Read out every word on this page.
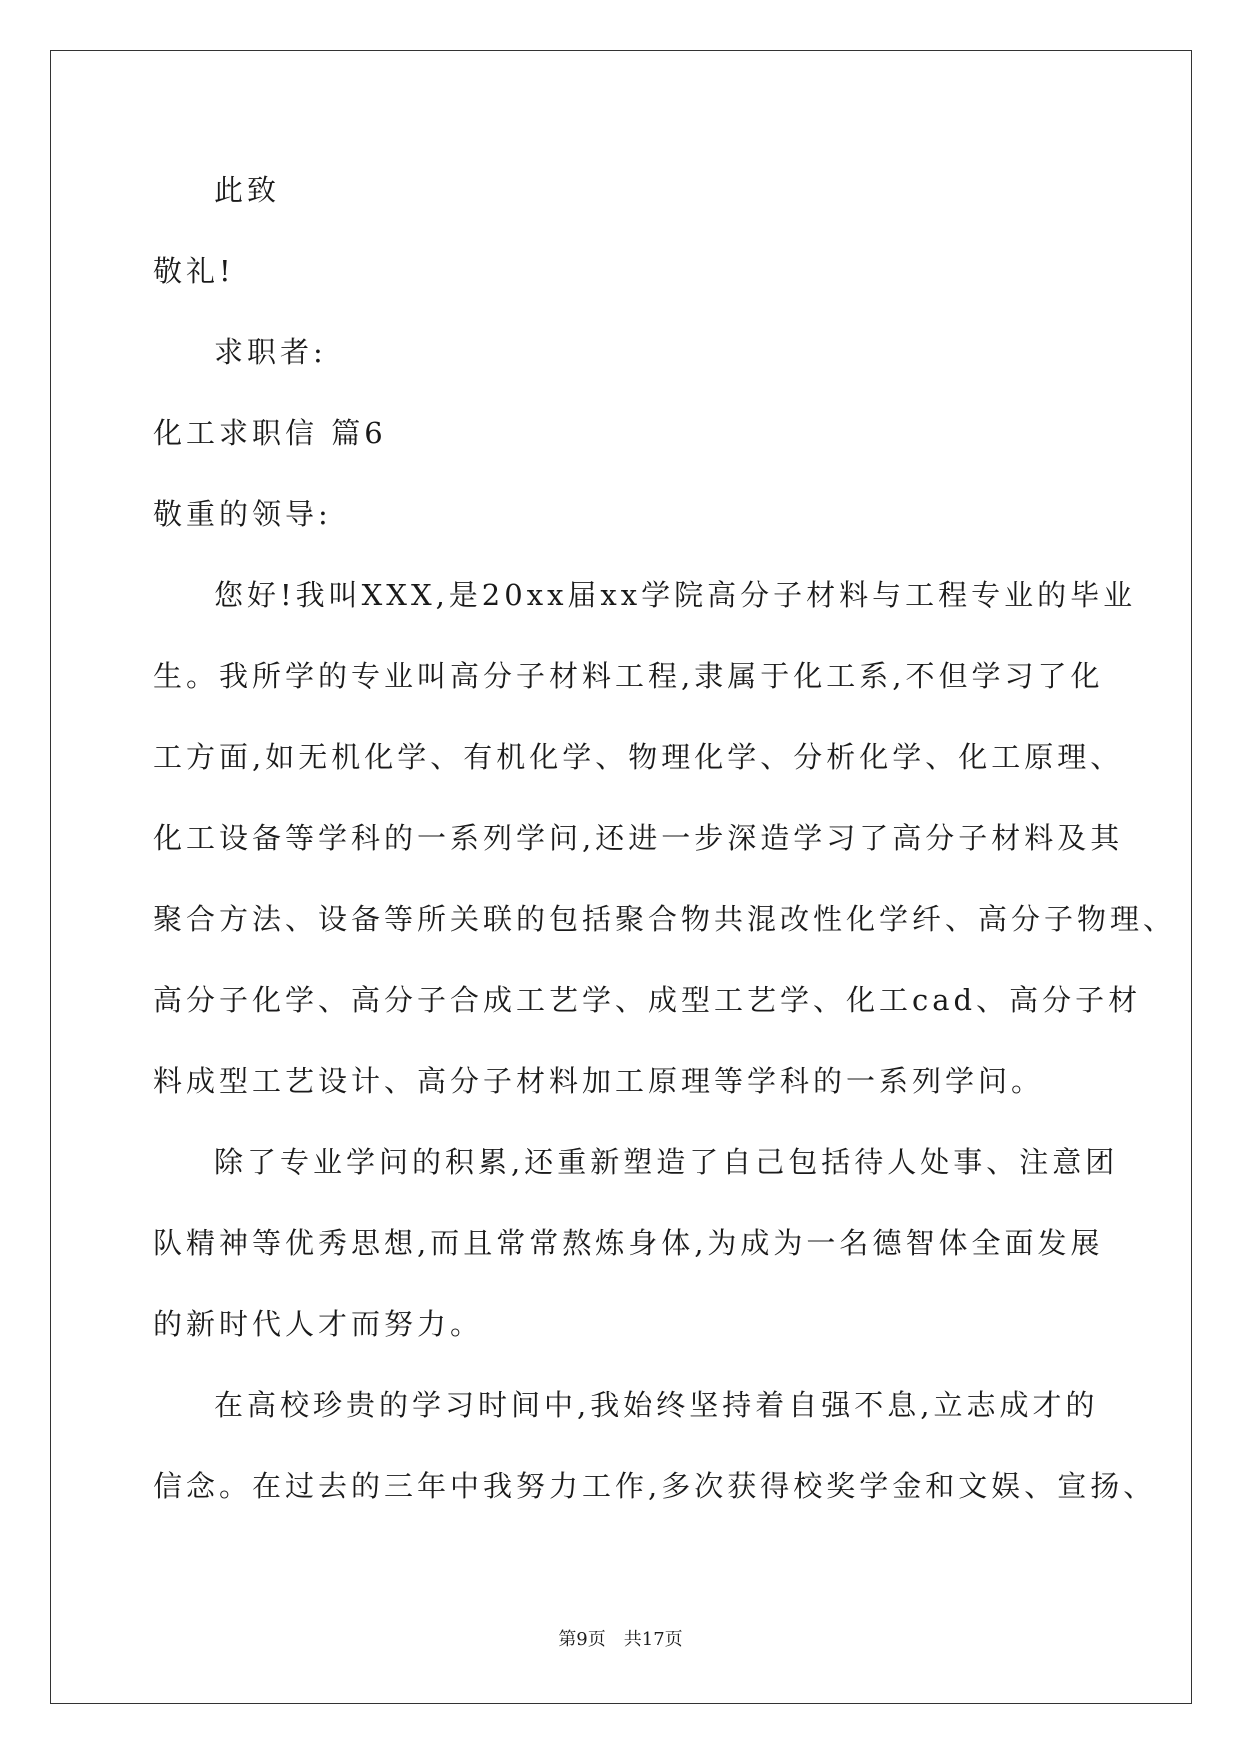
此致
敬礼!
求职者:
化工求职信 篇6
敬重的领导:
您好!我叫XXX,是20xx届xx学院高分子材料与工程专业的毕业
生。我所学的专业叫高分子材料工程,隶属于化工系,不但学习了化
工方面,如无机化学、有机化学、物理化学、分析化学、化工原理、
化工设备等学科的一系列学问,还进一步深造学习了高分子材料及其
聚合方法、设备等所关联的包括聚合物共混改性化学纤、高分子物理、
高分子化学、高分子合成工艺学、成型工艺学、化工cad、高分子材
料成型工艺设计、高分子材料加工原理等学科的一系列学问。
除了专业学问的积累,还重新塑造了自己包括待人处事、注意团
队精神等优秀思想,而且常常熬炼身体,为成为一名德智体全面发展
的新时代人才而努力。
在高校珍贵的学习时间中,我始终坚持着自强不息,立志成才的
信念。在过去的三年中我努力工作,多次获得校奖学金和文娱、宣扬、
第9页 共17页
